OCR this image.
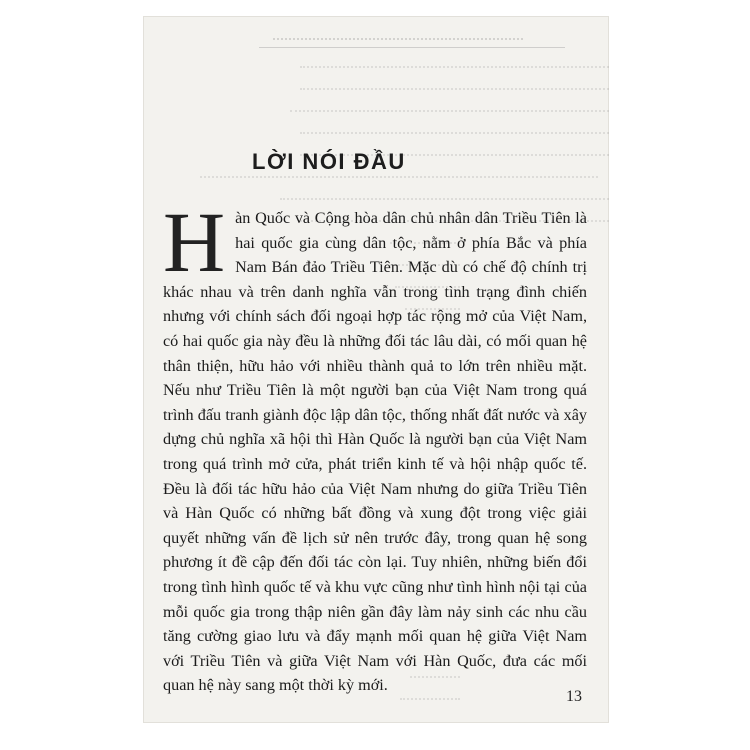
LỜI NÓI ĐẦU
H àn Quốc và Cộng hòa dân chủ nhân dân Triều Tiên là hai quốc gia cùng dân tộc, nằm ở phía Bắc và phía Nam Bán đảo Triều Tiên. Mặc dù có chế độ chính trị khác nhau và trên danh nghĩa vẫn trong tình trạng đình chiến nhưng với chính sách đối ngoại hợp tác rộng mở của Việt Nam, có hai quốc gia này đều là những đối tác lâu dài, có mối quan hệ thân thiện, hữu hảo với nhiều thành quả to lớn trên nhiều mặt. Nếu như Triều Tiên là một người bạn của Việt Nam trong quá trình đấu tranh giành độc lập dân tộc, thống nhất đất nước và xây dựng chủ nghĩa xã hội thì Hàn Quốc là người bạn của Việt Nam trong quá trình mở cửa, phát triển kinh tế và hội nhập quốc tế. Đều là đối tác hữu hảo của Việt Nam nhưng do giữa Triều Tiên và Hàn Quốc có những bất đồng và xung đột trong việc giải quyết những vấn đề lịch sử nên trước đây, trong quan hệ song phương ít đề cập đến đối tác còn lại. Tuy nhiên, những biến đổi trong tình hình quốc tế và khu vực cũng như tình hình nội tại của mỗi quốc gia trong thập niên gần đây làm nảy sinh các nhu cầu tăng cường giao lưu và đẩy mạnh mối quan hệ giữa Việt Nam với Triều Tiên và giữa Việt Nam với Hàn Quốc, đưa các mối quan hệ này sang một thời kỳ mới.
13
